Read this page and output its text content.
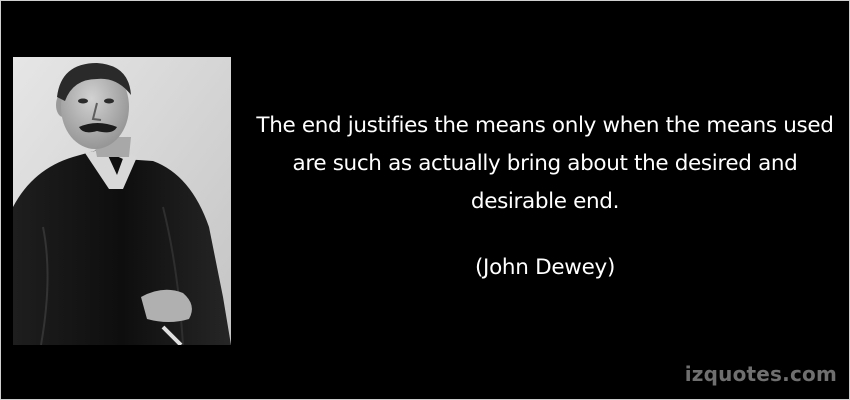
The end justifies the means only when the means used are such as actually bring about the desired and desirable end.

(John Dewey)

izquotes.com
